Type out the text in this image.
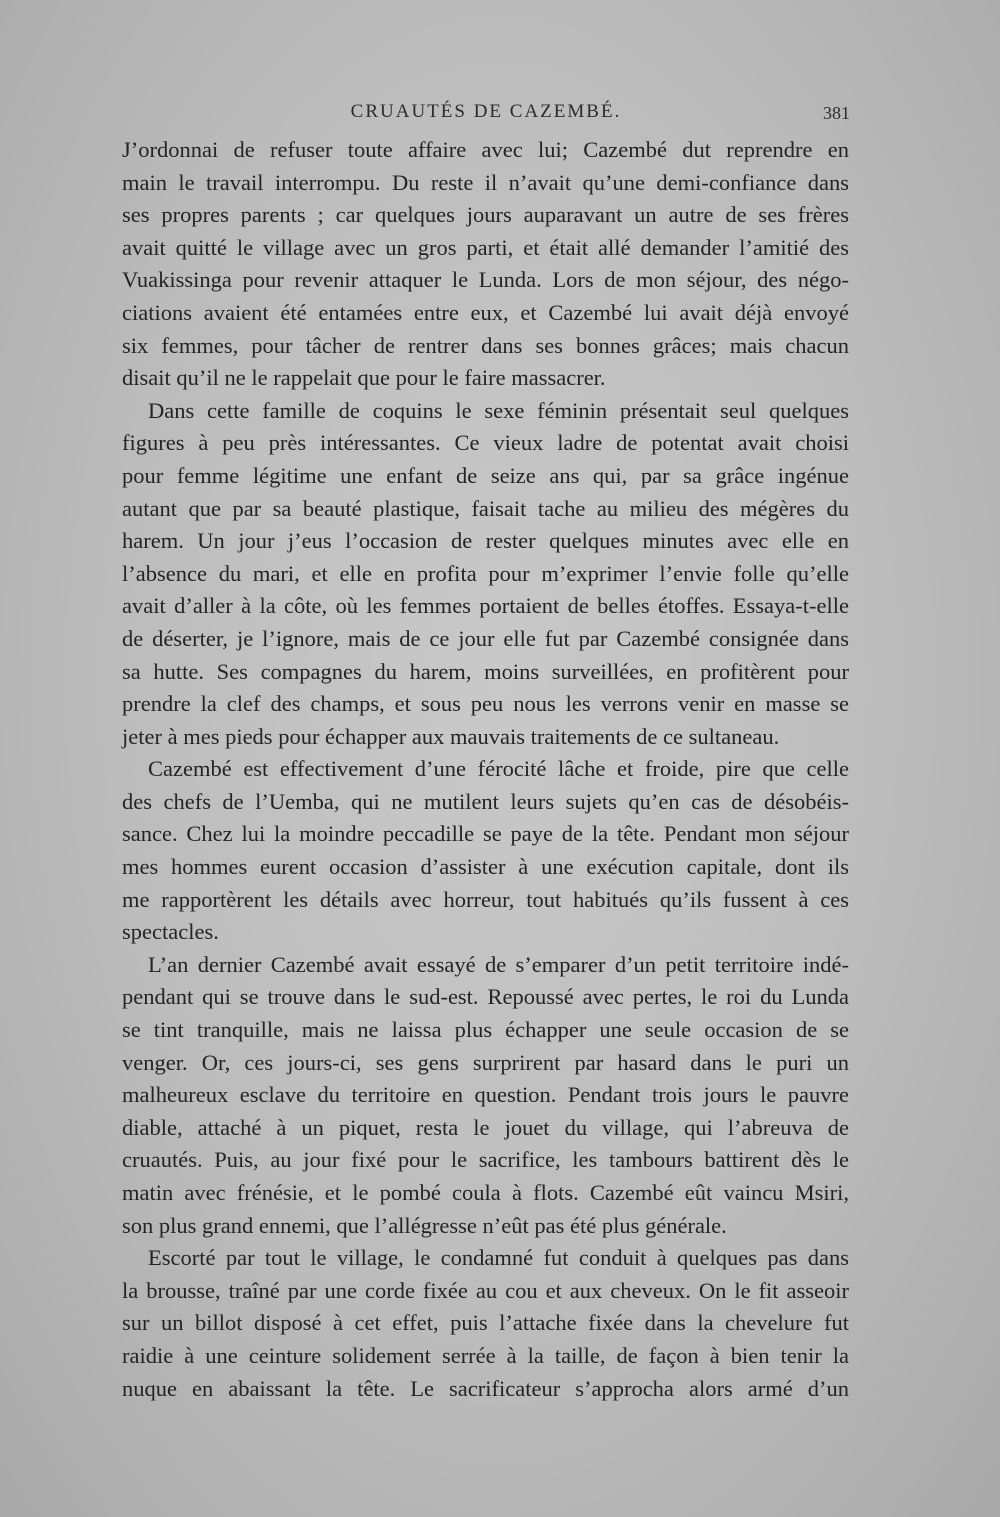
CRUAUTÉS DE CAZEMBÉ.	381
J’ordonnai de refuser toute affaire avec lui; Cazembé dut reprendre en
main le travail interrompu. Du reste il n’avait qu’une demi-confiance dans
ses propres parents ; car quelques jours auparavant un autre de ses frères
avait quitté le village avec un gros parti, et était allé demander l’amitié des
Vuakissinga pour revenir attaquer le Lunda. Lors de mon séjour, des négo-
ciations avaient été entamées entre eux, et Cazembé lui avait déjà envoyé
six femmes, pour tâcher de rentrer dans ses bonnes grâces; mais chacun
disait qu’il ne le rappelait que pour le faire massacrer.
Dans cette famille de coquins le sexe féminin présentait seul quelques
figures à peu près intéressantes. Ce vieux ladre de potentat avait choisi
pour femme légitime une enfant de seize ans qui, par sa grâce ingénue
autant que par sa beauté plastique, faisait tache au milieu des mégères du
harem. Un jour j’eus l’occasion de rester quelques minutes avec elle en
l’absence du mari, et elle en profita pour m’exprimer l’envie folle qu’elle
avait d’aller à la côte, où les femmes portaient de belles étoffes. Essaya-t-elle
de déserter, je l’ignore, mais de ce jour elle fut par Cazembé consignée dans
sa hutte. Ses compagnes du harem, moins surveillées, en profitèrent pour
prendre la clef des champs, et sous peu nous les verrons venir en masse se
jeter à mes pieds pour échapper aux mauvais traitements de ce sultaneau.
Cazembé est effectivement d’une férocité lâche et froide, pire que celle
des chefs de l’Uemba, qui ne mutilent leurs sujets qu’en cas de désobéis-
sance. Chez lui la moindre peccadille se paye de la tête. Pendant mon séjour
mes hommes eurent occasion d’assister à une exécution capitale, dont ils
me rapportèrent les détails avec horreur, tout habitués qu’ils fussent à ces
spectacles.
L’an dernier Cazembé avait essayé de s’emparer d’un petit territoire indé-
pendant qui se trouve dans le sud-est. Repoussé avec pertes, le roi du Lunda
se tint tranquille, mais ne laissa plus échapper une seule occasion de se
venger. Or, ces jours-ci, ses gens surprirent par hasard dans le puri un
malheureux esclave du territoire en question. Pendant trois jours le pauvre
diable, attaché à un piquet, resta le jouet du village, qui l’abreuva de
cruautés. Puis, au jour fixé pour le sacrifice, les tambours battirent dès le
matin avec frénésie, et le pombé coula à flots. Cazembé eût vaincu Msiri,
son plus grand ennemi, que l’allégresse n’eût pas été plus générale.
Escorté par tout le village, le condamné fut conduit à quelques pas dans
la brousse, traîné par une corde fixée au cou et aux cheveux. On le fit asseoir
sur un billot disposé à cet effet, puis l’attache fixée dans la chevelure fut
raidie à une ceinture solidement serrée à la taille, de façon à bien tenir la
nuque en abaissant la tête. Le sacrificateur s’approcha alors armé d’un
